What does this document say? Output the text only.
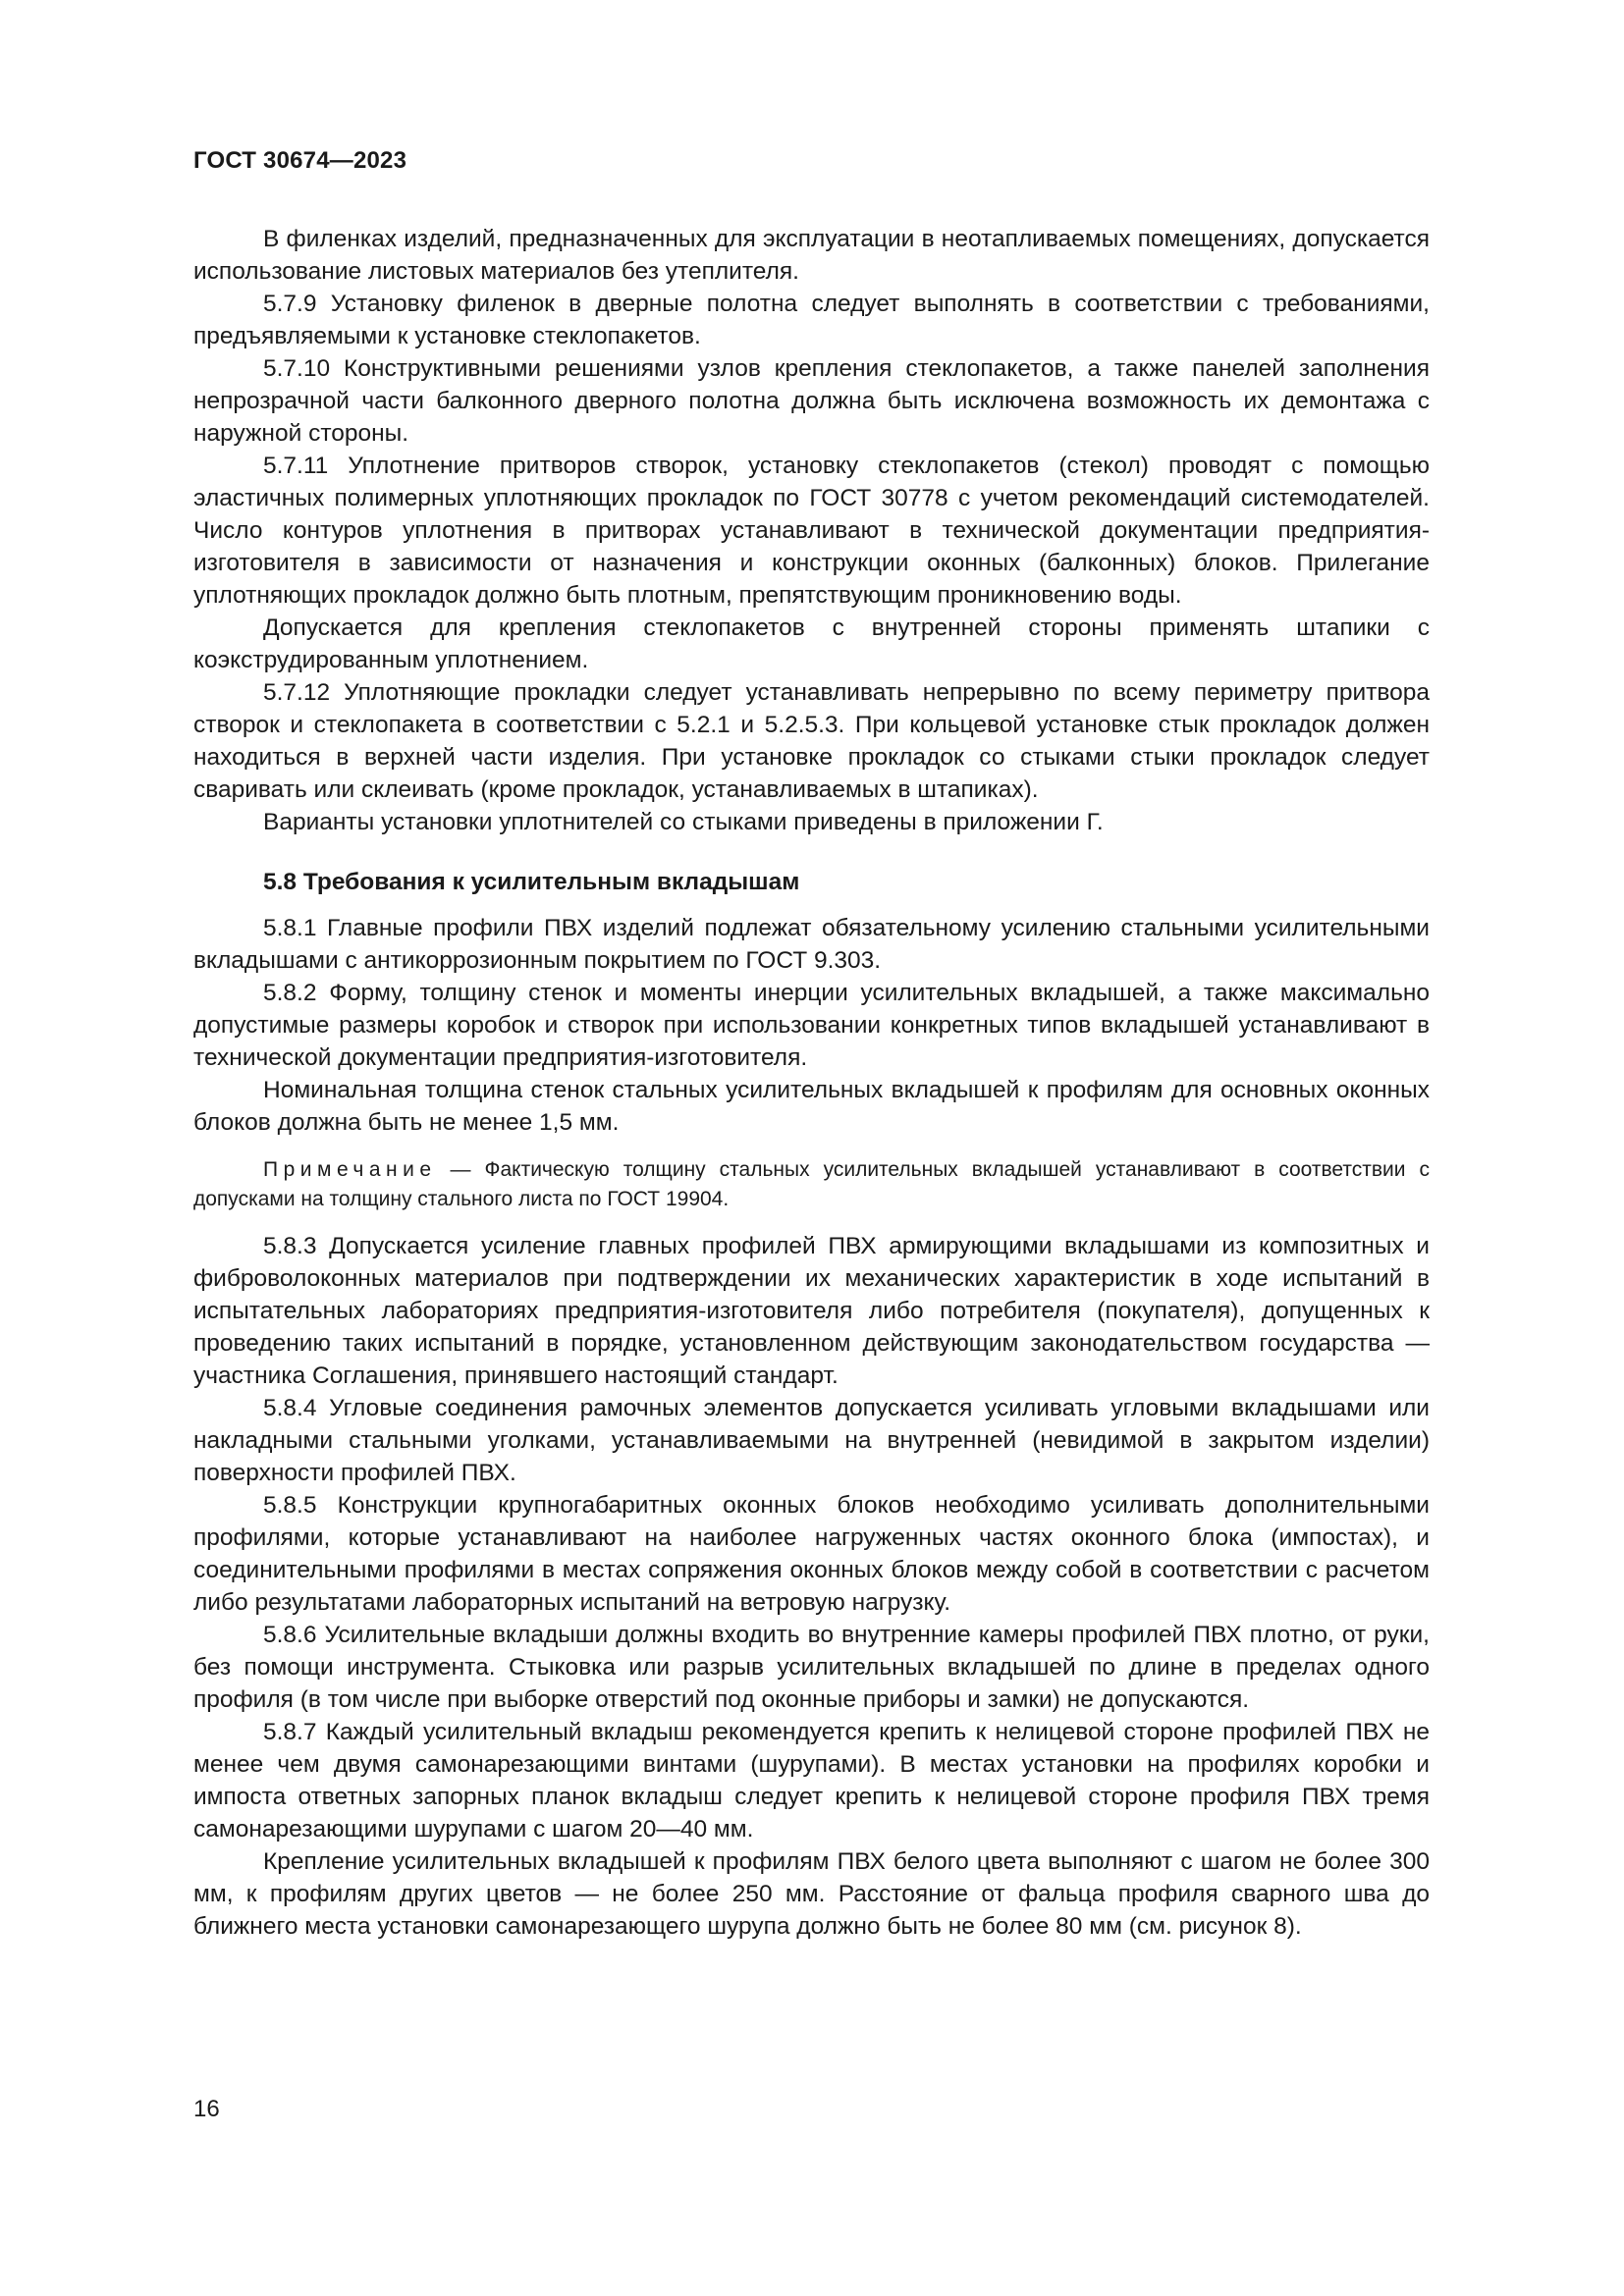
ГОСТ 30674—2023

В филенках изделий, предназначенных для эксплуатации в неотапливаемых помещениях, допускается использование листовых материалов без утеплителя.

5.7.9 Установку филенок в дверные полотна следует выполнять в соответствии с требованиями, предъявляемыми к установке стеклопакетов.

5.7.10 Конструктивными решениями узлов крепления стеклопакетов, а также панелей заполнения непрозрачной части балконного дверного полотна должна быть исключена возможность их демонтажа с наружной стороны.

5.7.11 Уплотнение притворов створок, установку стеклопакетов (стекол) проводят с помощью эластичных полимерных уплотняющих прокладок по ГОСТ 30778 с учетом рекомендаций системодателей. Число контуров уплотнения в притворах устанавливают в технической документации предприятия-изготовителя в зависимости от назначения и конструкции оконных (балконных) блоков. Прилегание уплотняющих прокладок должно быть плотным, препятствующим проникновению воды.

Допускается для крепления стеклопакетов с внутренней стороны применять штапики с коэкструдированным уплотнением.

5.7.12 Уплотняющие прокладки следует устанавливать непрерывно по всему периметру притвора створок и стеклопакета в соответствии с 5.2.1 и 5.2.5.3. При кольцевой установке стык прокладок должен находиться в верхней части изделия. При установке прокладок со стыками стыки прокладок следует сваривать или склеивать (кроме прокладок, устанавливаемых в штапиках).

Варианты установки уплотнителей со стыками приведены в приложении Г.

5.8 Требования к усилительным вкладышам

5.8.1 Главные профили ПВХ изделий подлежат обязательному усилению стальными усилительными вкладышами с антикоррозионным покрытием по ГОСТ 9.303.

5.8.2 Форму, толщину стенок и моменты инерции усилительных вкладышей, а также максимально допустимые размеры коробок и створок при использовании конкретных типов вкладышей устанавливают в технической документации предприятия-изготовителя.

Номинальная толщина стенок стальных усилительных вкладышей к профилям для основных оконных блоков должна быть не менее 1,5 мм.

Примечание — Фактическую толщину стальных усилительных вкладышей устанавливают в соответствии с допусками на толщину стального листа по ГОСТ 19904.

5.8.3 Допускается усиление главных профилей ПВХ армирующими вкладышами из композитных и фиброволоконных материалов при подтверждении их механических характеристик в ходе испытаний в испытательных лабораториях предприятия-изготовителя либо потребителя (покупателя), допущенных к проведению таких испытаний в порядке, установленном действующим законодательством государства — участника Соглашения, принявшего настоящий стандарт.

5.8.4 Угловые соединения рамочных элементов допускается усиливать угловыми вкладышами или накладными стальными уголками, устанавливаемыми на внутренней (невидимой в закрытом изделии) поверхности профилей ПВХ.

5.8.5 Конструкции крупногабаритных оконных блоков необходимо усиливать дополнительными профилями, которые устанавливают на наиболее нагруженных частях оконного блока (импостах), и соединительными профилями в местах сопряжения оконных блоков между собой в соответствии с расчетом либо результатами лабораторных испытаний на ветровую нагрузку.

5.8.6 Усилительные вкладыши должны входить во внутренние камеры профилей ПВХ плотно, от руки, без помощи инструмента. Стыковка или разрыв усилительных вкладышей по длине в пределах одного профиля (в том числе при выборке отверстий под оконные приборы и замки) не допускаются.

5.8.7 Каждый усилительный вкладыш рекомендуется крепить к нелицевой стороне профилей ПВХ не менее чем двумя самонарезающими винтами (шурупами). В местах установки на профилях коробки и импоста ответных запорных планок вкладыш следует крепить к нелицевой стороне профиля ПВХ тремя самонарезающими шурупами с шагом 20—40 мм.

Крепление усилительных вкладышей к профилям ПВХ белого цвета выполняют с шагом не более 300 мм, к профилям других цветов — не более 250 мм. Расстояние от фальца профиля сварного шва до ближнего места установки самонарезающего шурупа должно быть не более 80 мм (см. рисунок 8).

16
